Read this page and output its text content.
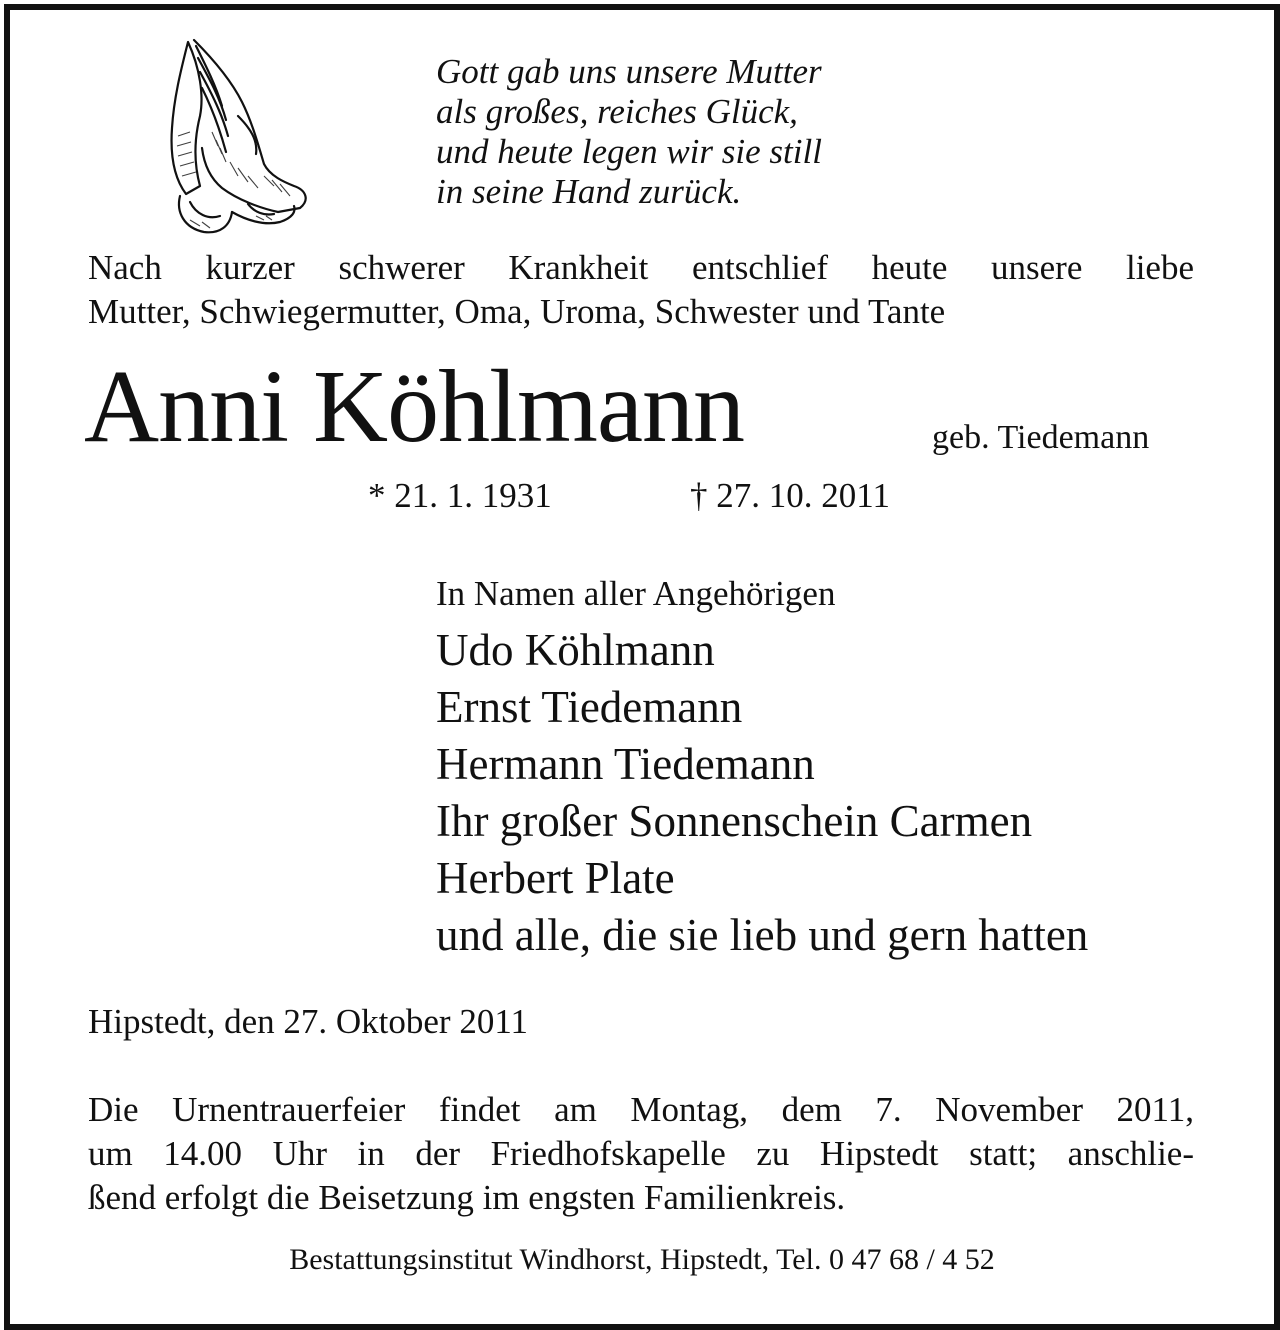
Gott gab uns unsere Mutter
als großes, reiches Glück,
und heute legen wir sie still
in seine Hand zurück.
Nach kurzer schwerer Krankheit entschlief heute unsere liebe
Mutter, Schwiegermutter, Oma, Uroma, Schwester und Tante
Anni Köhlmann	geb. Tiedemann
* 21. 1. 1931	† 27. 10. 2011
In Namen aller Angehörigen
Udo Köhlmann
Ernst Tiedemann
Hermann Tiedemann
Ihr großer Sonnenschein Carmen
Herbert Plate
und alle, die sie lieb und gern hatten
Hipstedt, den 27. Oktober 2011
Die Urnentrauerfeier findet am Montag, dem 7. November 2011,
um 14.00 Uhr in der Friedhofskapelle zu Hipstedt statt; anschlie-
ßend erfolgt die Beisetzung im engsten Familienkreis.
Bestattungsinstitut Windhorst, Hipstedt, Tel. 0 47 68 / 4 52
